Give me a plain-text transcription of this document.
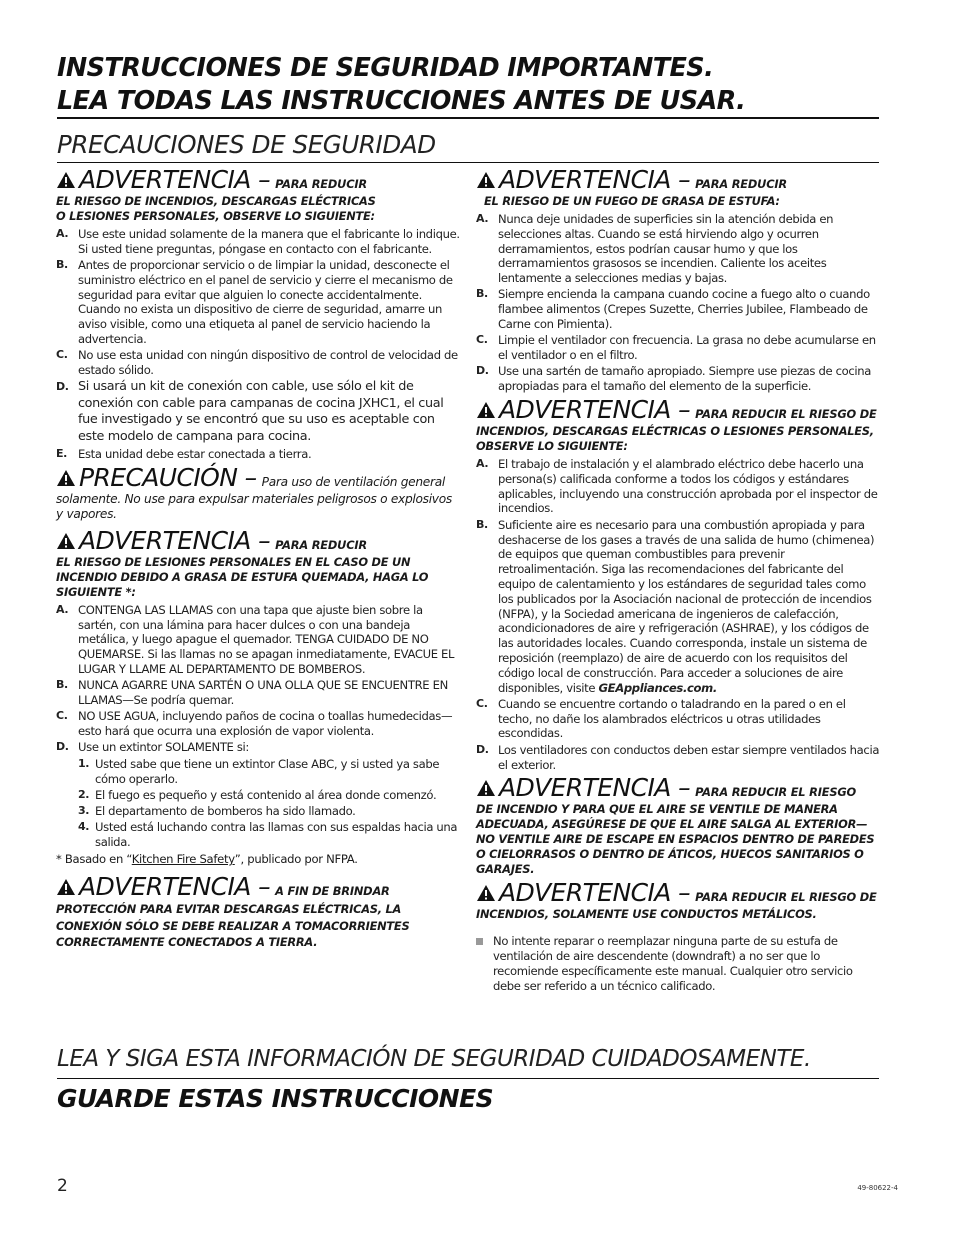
INSTRUCCIONES DE SEGURIDAD IMPORTANTES.
LEA TODAS LAS INSTRUCCIONES ANTES DE USAR.
PRECAUCIONES DE SEGURIDAD
ADVERTENCIA – PARA REDUCIR
EL RIESGO DE INCENDIOS, DESCARGAS ELÉCTRICAS
O LESIONES PERSONALES, OBSERVE LO SIGUIENTE:
A. Use este unidad solamente de la manera que el fabricante lo indique. Si usted tiene preguntas, póngase en contacto con el fabricante.
B. Antes de proporcionar servicio o de limpiar la unidad, desconecte el suministro eléctrico en el panel de servicio y cierre el mecanismo de seguridad para evitar que alguien lo conecte accidentalmente. Cuando no exista un dispositivo de cierre de seguridad, amarre un aviso visible, como una etiqueta al panel de servicio haciendo la advertencia.
C. No use esta unidad con ningún dispositivo de control de velocidad de estado sólido.
D. Si usará un kit de conexión con cable, use sólo el kit de conexión con cable para campanas de cocina JXHC1, el cual fue investigado y se encontró que su uso es aceptable con este modelo de campana para cocina.
E. Esta unidad debe estar conectada a tierra.
PRECAUCIÓN – Para uso de ventilación general
solamente. No use para expulsar materiales peligrosos o explosivos y vapores.
ADVERTENCIA – PARA REDUCIR
EL RIESGO DE LESIONES PERSONALES EN EL CASO DE UN INCENDIO DEBIDO A GRASA DE ESTUFA QUEMADA, HAGA LO SIGUIENTE *:
A. CONTENGA LAS LLAMAS con una tapa que ajuste bien sobre la sartén, con una lámina para hacer dulces o con una bandeja metálica, y luego apague el quemador. TENGA CUIDADO DE NO QUEMARSE. Si las llamas no se apagan inmediatamente, EVACUE EL LUGAR Y LLAME AL DEPARTAMENTO DE BOMBEROS.
B. NUNCA AGARRE UNA SARTÉN O UNA OLLA QUE SE ENCUENTRE EN LLAMAS—Se podría quemar.
C. NO USE AGUA, incluyendo paños de cocina o toallas humedecidas—esto hará que ocurra una explosión de vapor violenta.
D. Use un extintor SOLAMENTE si:
1. Usted sabe que tiene un extintor Clase ABC, y si usted ya sabe cómo operarlo.
2. El fuego es pequeño y está contenido al área donde comenzó.
3. El departamento de bomberos ha sido llamado.
4. Usted está luchando contra las llamas con sus espaldas hacia una salida.
* Basado en “Kitchen Fire Safety”, publicado por NFPA.
ADVERTENCIA – A FIN DE BRINDAR
PROTECCIÓN PARA EVITAR DESCARGAS ELÉCTRICAS, LA CONEXIÓN SÓLO SE DEBE REALIZAR A TOMACORRIENTES CORRECTAMENTE CONECTADOS A TIERRA.
ADVERTENCIA – PARA REDUCIR
EL RIESGO DE UN FUEGO DE GRASA DE ESTUFA:
A. Nunca deje unidades de superficies sin la atención debida en selecciones altas. Cuando se está hirviendo algo y ocurren derramamientos, estos podrían causar humo y que los derramamientos grasosos se incendien. Caliente los aceites lentamente a selecciones medias y bajas.
B. Siempre encienda la campana cuando cocine a fuego alto o cuando flambee alimentos (Crepes Suzette, Cherries Jubilee, Flambeado de Carne con Pimienta).
C. Limpie el ventilador con frecuencia. La grasa no debe acumularse en el ventilador o en el filtro.
D. Use una sartén de tamaño apropiado. Siempre use piezas de cocina apropiadas para el tamaño del elemento de la superficie.
ADVERTENCIA – PARA REDUCIR EL RIESGO DE
INCENDIOS, DESCARGAS ELÉCTRICAS O LESIONES PERSONALES, OBSERVE LO SIGUIENTE:
A. El trabajo de instalación y el alambrado eléctrico debe hacerlo una persona(s) calificada conforme a todos los códigos y estándares aplicables, incluyendo una construcción aprobada por el inspector de incendios.
B. Suficiente aire es necesario para una combustión apropiada y para deshacerse de los gases a través de una salida de humo (chimenea) de equipos que queman combustibles para prevenir retroalimentación. Siga las recomendaciones del fabricante del equipo de calentamiento y los estándares de seguridad tales como los publicados por la Asociación nacional de protección de incendios (NFPA), y la Sociedad americana de ingenieros de calefacción, acondicionadores de aire y refrigeración (ASHRAE), y los códigos de las autoridades locales. Cuando corresponda, instale un sistema de reposición (reemplazo) de aire de acuerdo con los requisitos del código local de construcción. Para acceder a soluciones de aire disponibles, visite GEAppliances.com.
C. Cuando se encuentre cortando o taladrando en la pared o en el techo, no dañe los alambrados eléctricos u otras utilidades escondidas.
D. Los ventiladores con conductos deben estar siempre ventilados hacia el exterior.
ADVERTENCIA – PARA REDUCIR EL RIESGO
DE INCENDIO Y PARA QUE EL AIRE SE VENTILE DE MANERA ADECUADA, ASEGÚRESE DE QUE EL AIRE SALGA AL EXTERIOR—NO VENTILE AIRE DE ESCAPE EN ESPACIOS DENTRO DE PAREDES O CIELORRASOS O DENTRO DE ÁTICOS, HUECOS SANITARIOS O GARAJES.
ADVERTENCIA – PARA REDUCIR EL RIESGO DE
INCENDIOS, SOLAMENTE USE CONDUCTOS METÁLICOS.
No intente reparar o reemplazar ninguna parte de su estufa de ventilación de aire descendente (downdraft) a no ser que lo recomiende específicamente este manual. Cualquier otro servicio debe ser referido a un técnico calificado.
LEA Y SIGA ESTA INFORMACIÓN DE SEGURIDAD CUIDADOSAMENTE.
GUARDE ESTAS INSTRUCCIONES
2	49-80622-4
